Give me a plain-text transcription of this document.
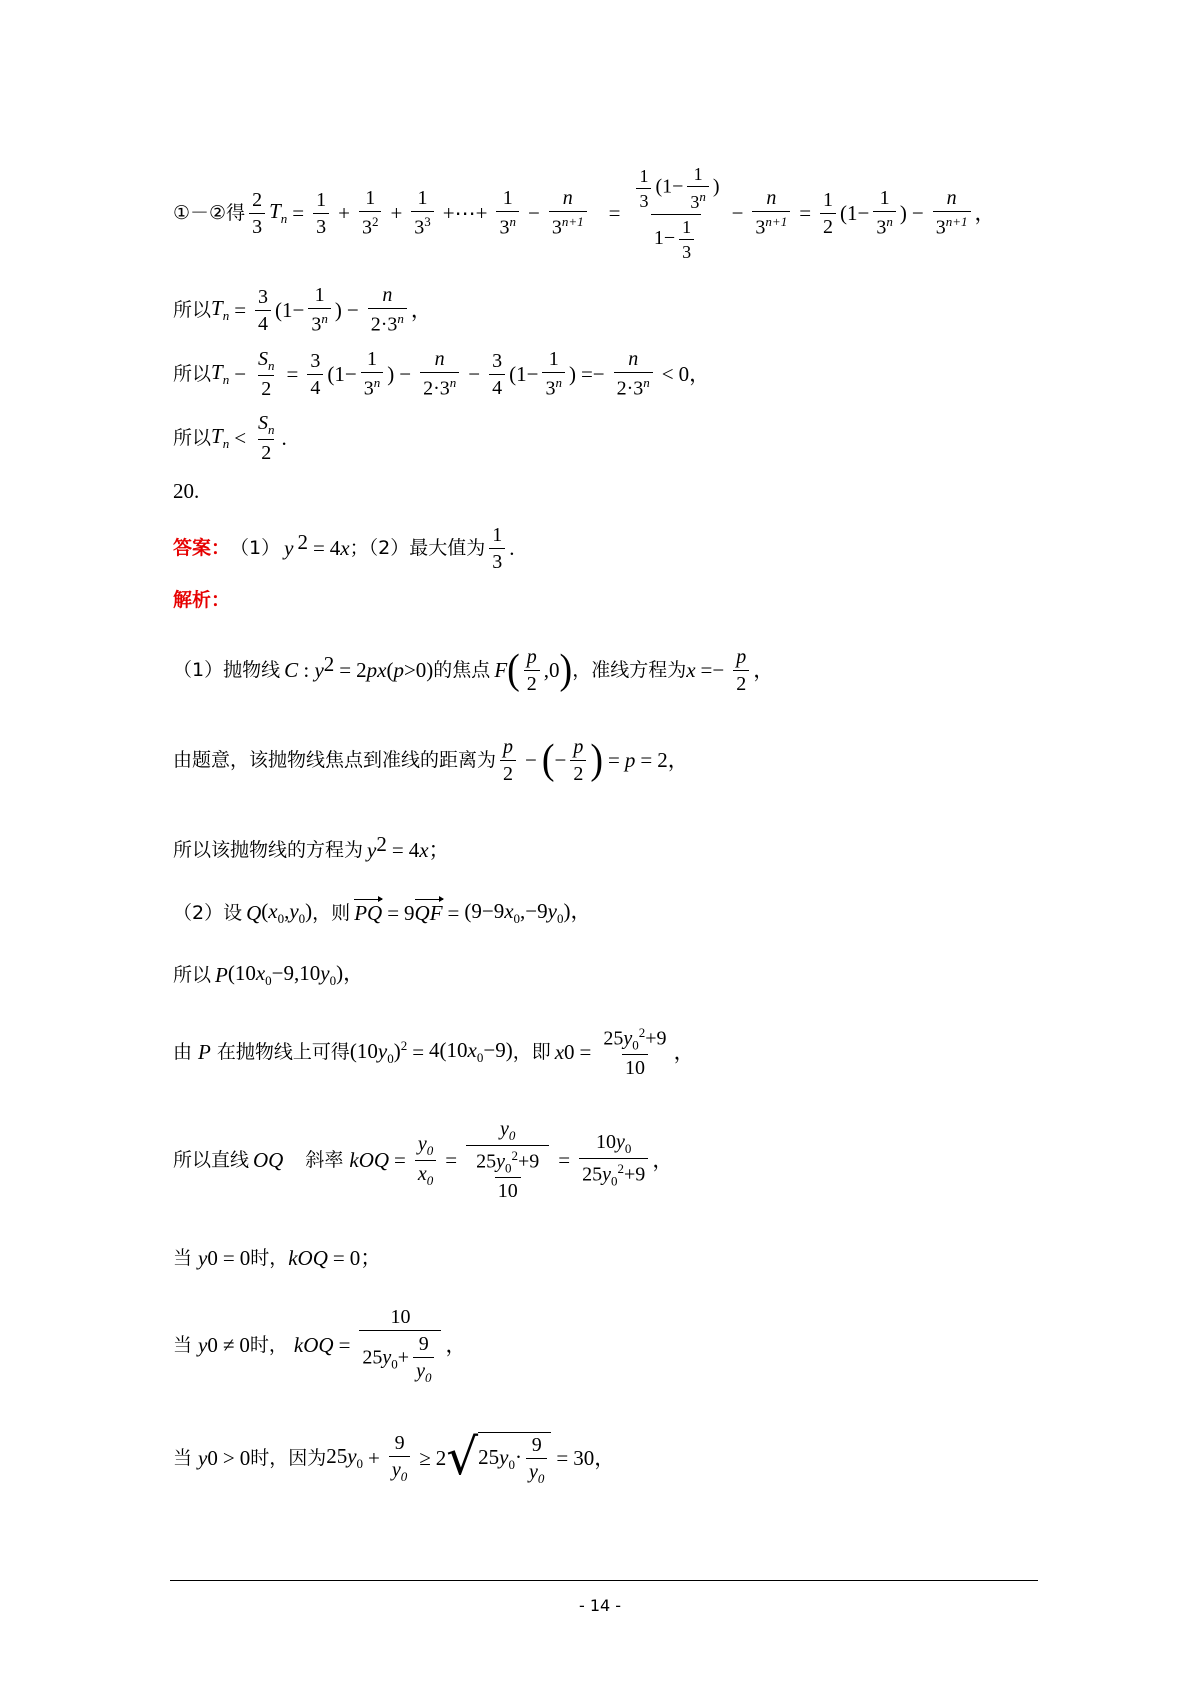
①－②得
2
3
$T_n = \frac{1}{3} + \frac{1}{3^2} + \frac{1}{3^3}$ +⋯+ $\frac{1}{3^n} - \frac{n}{3^{n+1}} = \frac{\frac{1}{3} (1- \frac{1}{3^n} )}{1- \frac{1}{3}} - \frac{n}{3^{n+1}} = \frac{1}{2} (1- \frac{1}{3^n}$ ) − $\frac{n}{3^{n+1}}$ ，
所以 $T_n = \frac{3}{4} (1- \frac{1}{3^n}$ ) − $\frac{n}{2\cdot 3^n}$ ，
所以 $T_n - \frac{S_n}{2} = \frac{3}{4} (1- \frac{1}{3^n}$ ) − $\frac{n}{2\cdot 3^n} - \frac{3}{4} (1- \frac{1}{3^n}$ ) =− $\frac{n}{2\cdot 3^n} < 0$，
所以 $T_n$ <
$S_n$
2
.
20.
答案： （1） y 2 = 4x ；（2）最大值为
1
3
.
解析：
（1）抛物线 C : y 2 = 2px(p>0) 的焦点 F ( p
2
,0 ) ，准线方程为 $x =- \frac{p}{2}$ ，
由题意，该抛物线焦点到准线的距离为
p
2
− ( − $\frac{p}{2}$ ) = p = 2，
所以该抛物线的方程为 y 2 = 4x；
（2）设 Q $(x_0,y_0)$ ，则 PQ = 9 QF = $(9-9x_0,-9y_0)$，
所以 P $(10x_0-9,10y_0)$，
由 P 在抛物线上可得 $(10y_0)^2 = 4(10x_0-9)$ ，即 x $0 = \frac{25y_0^2+9}{10}$ ，
所以直线 OQ 斜率 k OQ = $\frac{y_0}{x_0} = \frac{y_0}{\frac{25y_0^2+9}{10}} = \frac{10y_0}{25y_0^2+9}$ ，
当 y 0 = 0 时， k OQ = 0；
当 y 0 ≠ 0 时， k OQ = $\frac{10}{25y_0+ \frac{9}{y_0}}$ ，
当 y 0 > 0 时，因为 $25y_0 + \frac{9}{y_0} \ge 2$ √ $25y_0\cdot$
9
$y_0$
= 30，
- 14 -
